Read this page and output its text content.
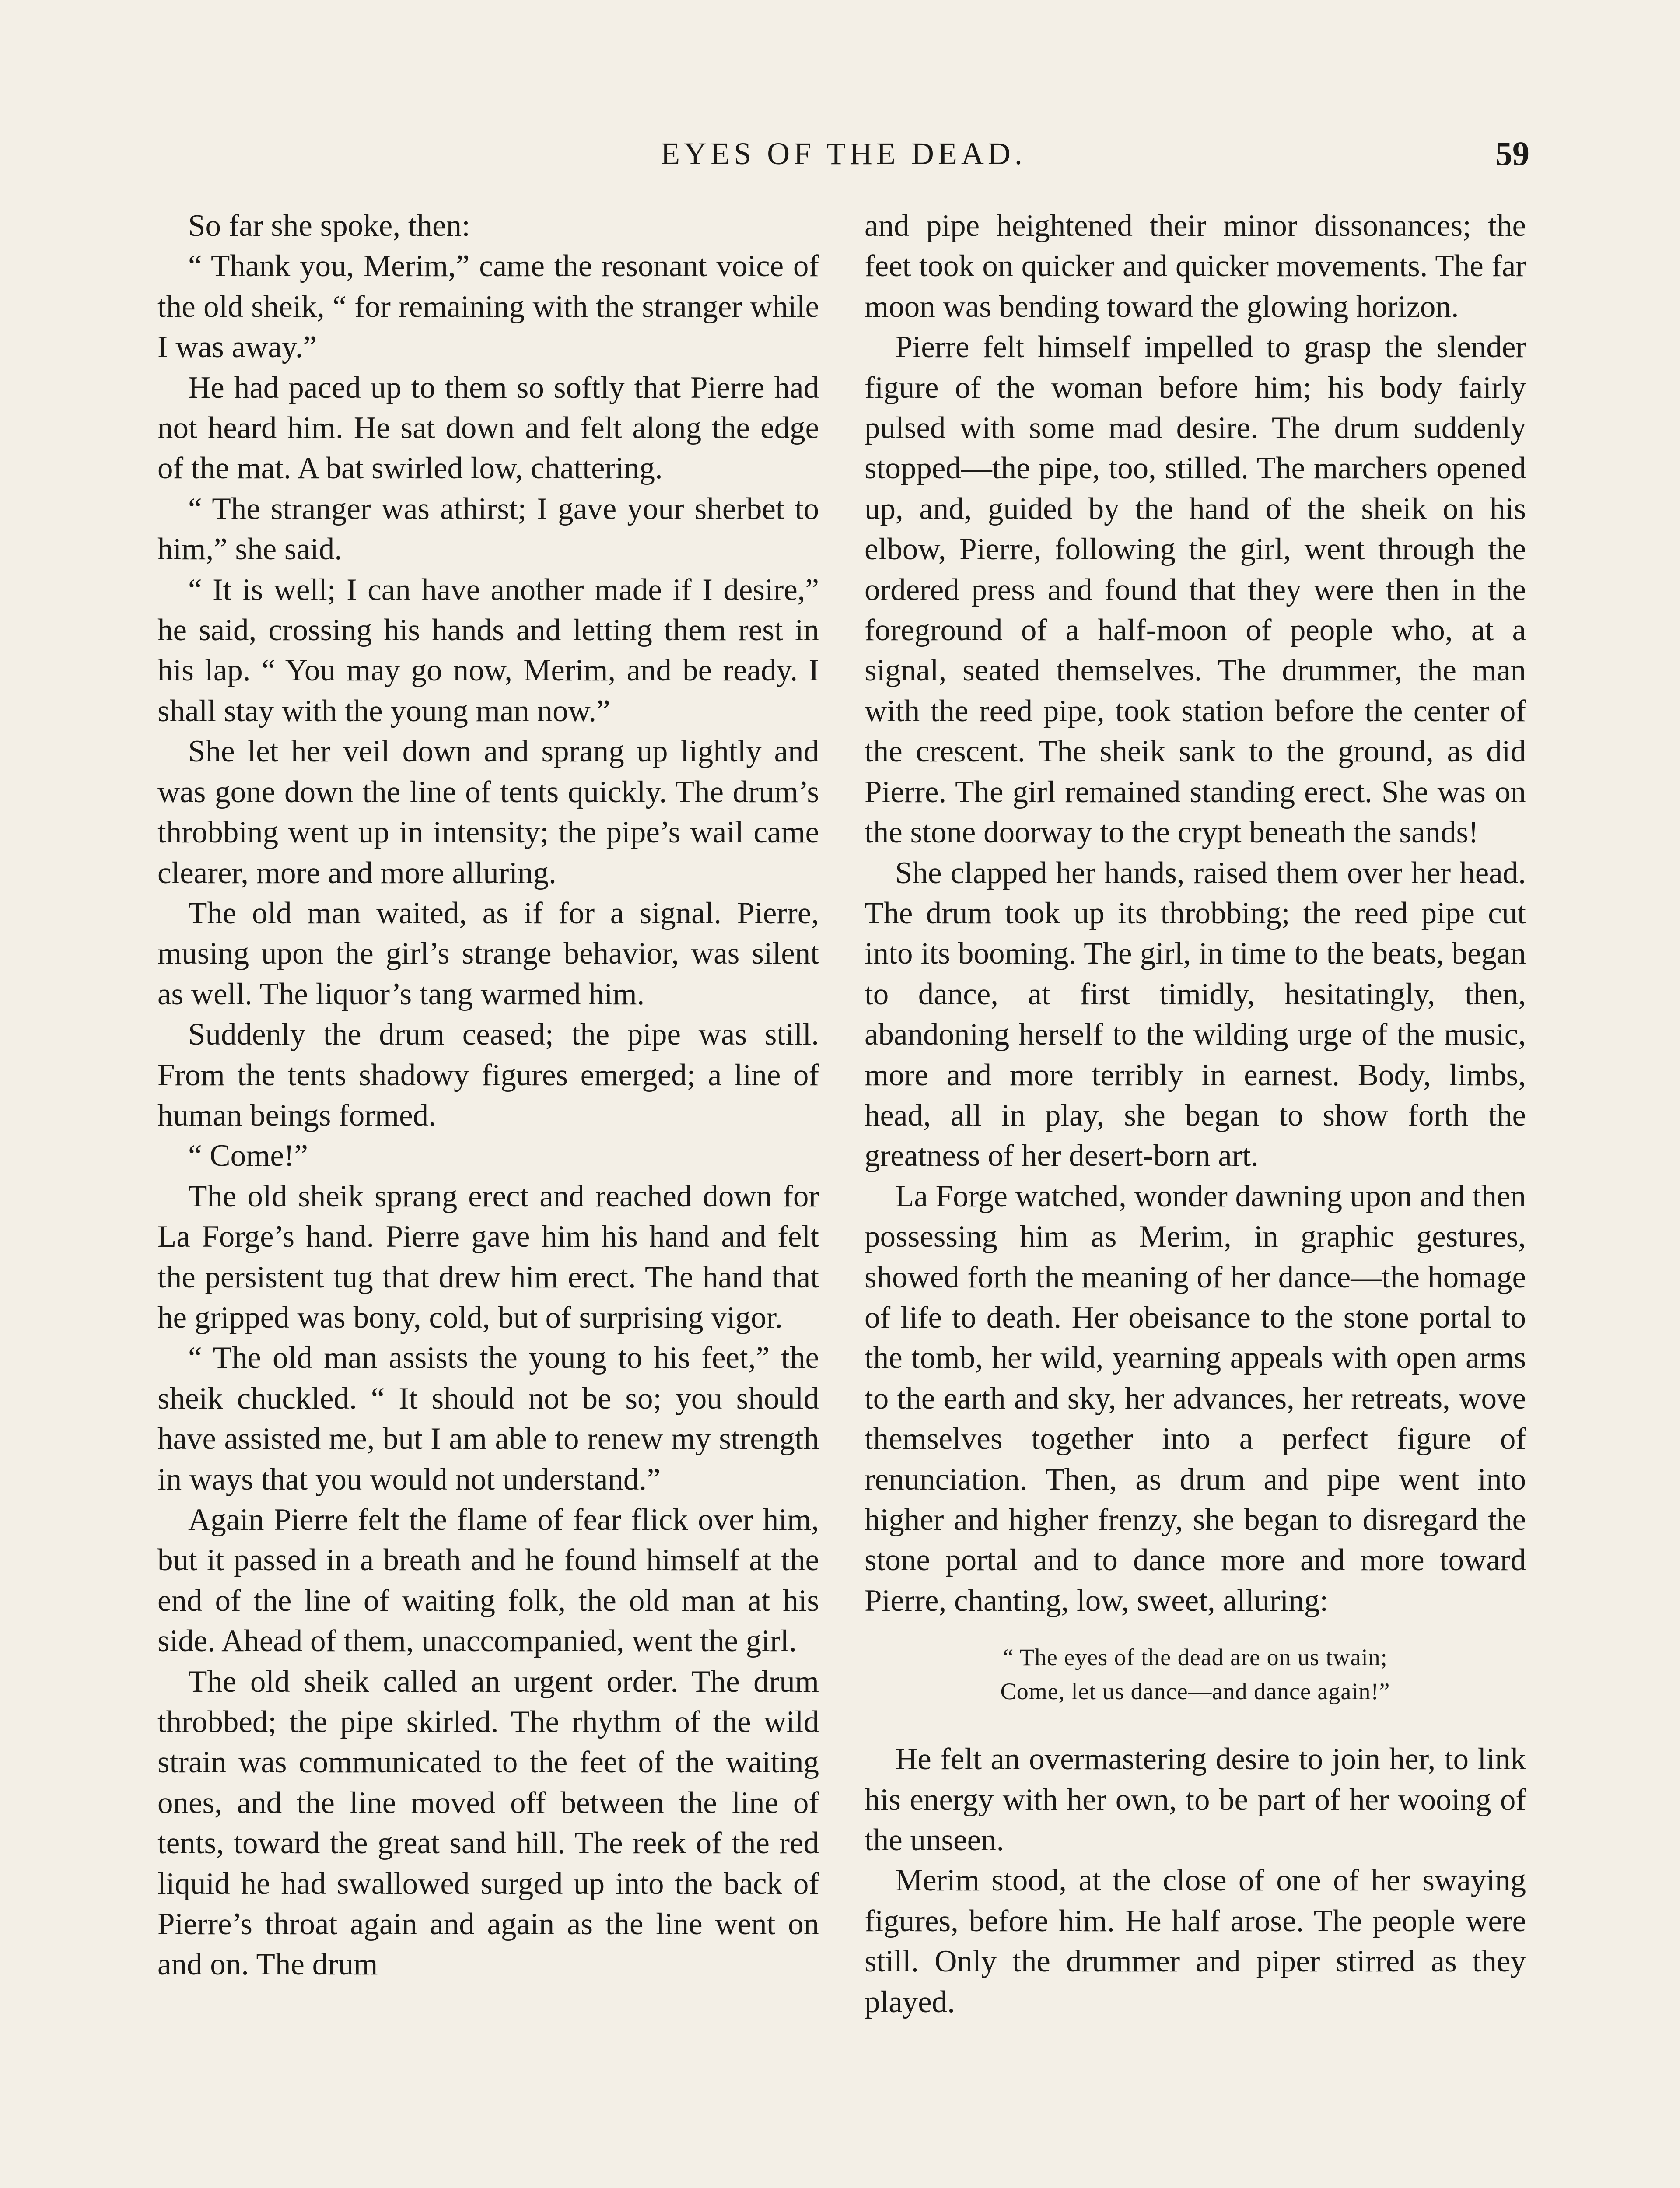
EYES OF THE DEAD.	59

So far she spoke, then:

“ Thank you, Merim,” came the resonant voice of the old sheik, “ for remaining with the stranger while I was away.”

He had paced up to them so softly that Pierre had not heard him. He sat down and felt along the edge of the mat. A bat swirled low, chattering.

“ The stranger was athirst; I gave your sherbet to him,” she said.

“ It is well; I can have another made if I desire,” he said, crossing his hands and letting them rest in his lap. “ You may go now, Merim, and be ready. I shall stay with the young man now.”

She let her veil down and sprang up lightly and was gone down the line of tents quickly. The drum’s throbbing went up in intensity; the pipe’s wail came clearer, more and more alluring.

The old man waited, as if for a signal. Pierre, musing upon the girl’s strange behavior, was silent as well. The liquor’s tang warmed him.

Suddenly the drum ceased; the pipe was still. From the tents shadowy figures emerged; a line of human beings formed.

“ Come!”

The old sheik sprang erect and reached down for La Forge’s hand. Pierre gave him his hand and felt the persistent tug that drew him erect. The hand that he gripped was bony, cold, but of surprising vigor.

“ The old man assists the young to his feet,” the sheik chuckled. “ It should not be so; you should have assisted me, but I am able to renew my strength in ways that you would not understand.”

Again Pierre felt the flame of fear flick over him, but it passed in a breath and he found himself at the end of the line of waiting folk, the old man at his side. Ahead of them, unaccompanied, went the girl.

The old sheik called an urgent order. The drum throbbed; the pipe skirled. The rhythm of the wild strain was communicated to the feet of the waiting ones, and the line moved off between the line of tents, toward the great sand hill. The reek of the red liquid he had swallowed surged up into the back of Pierre’s throat again and again as the line went on and on. The drum

and pipe heightened their minor dissonances; the feet took on quicker and quicker movements. The far moon was bending toward the glowing horizon.

Pierre felt himself impelled to grasp the slender figure of the woman before him; his body fairly pulsed with some mad desire. The drum suddenly stopped—the pipe, too, stilled. The marchers opened up, and, guided by the hand of the sheik on his elbow, Pierre, following the girl, went through the ordered press and found that they were then in the foreground of a half-moon of people who, at a signal, seated themselves. The drummer, the man with the reed pipe, took station before the center of the crescent. The sheik sank to the ground, as did Pierre. The girl remained standing erect. She was on the stone doorway to the crypt beneath the sands!

She clapped her hands, raised them over her head. The drum took up its throbbing; the reed pipe cut into its booming. The girl, in time to the beats, began to dance, at first timidly, hesitatingly, then, abandoning herself to the wilding urge of the music, more and more terribly in earnest. Body, limbs, head, all in play, she began to show forth the greatness of her desert-born art.

La Forge watched, wonder dawning upon and then possessing him as Merim, in graphic gestures, showed forth the meaning of her dance—the homage of life to death. Her obeisance to the stone portal to the tomb, her wild, yearning appeals with open arms to the earth and sky, her advances, her retreats, wove themselves together into a perfect figure of renunciation. Then, as drum and pipe went into higher and higher frenzy, she began to disregard the stone portal and to dance more and more toward Pierre, chanting, low, sweet, alluring:

“ The eyes of the dead are on us twain;
Come, let us dance—and dance again!”

He felt an overmastering desire to join her, to link his energy with her own, to be part of her wooing of the unseen.

Merim stood, at the close of one of her swaying figures, before him. He half arose. The people were still. Only the drummer and piper stirred as they played.
